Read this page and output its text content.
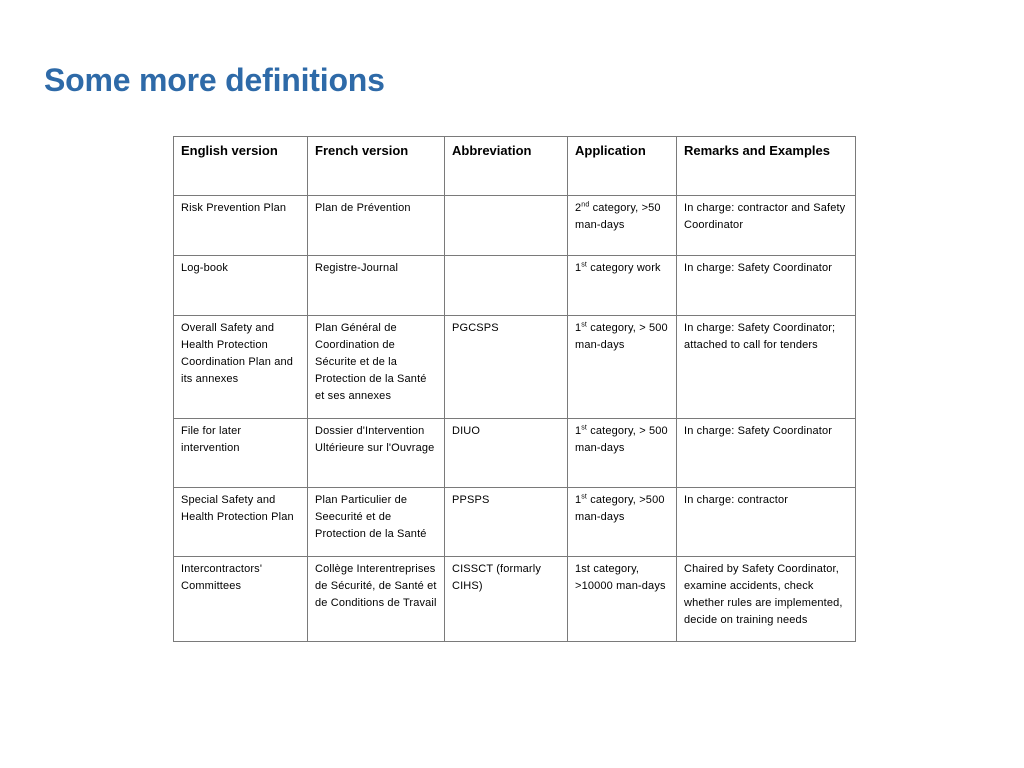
Some more definitions
English version	French version	Abbreviation	Application	Remarks and Examples
Risk Prevention Plan	Plan de Prévention		2nd category, >50 man-days	In charge: contractor and Safety Coordinator
Log-book	Registre-Journal		1st category work	In charge: Safety Coordinator
Overall Safety and Health Protection Coordination Plan and its annexes	Plan Général de Coordination de Sécurite et de la Protection de la Santé et ses annexes	PGCSPS	1st category, > 500 man-days	In charge: Safety Coordinator; attached to call for tenders
File for later intervention	Dossier d'Intervention Ultérieure sur l'Ouvrage	DIUO	1st category, > 500 man-days	In charge: Safety Coordinator
Special Safety and Health Protection Plan	Plan Particulier de Seecurité et de Protection de la Santé	PPSPS	1st category, >500 man-days	In charge: contractor
Intercontractors' Committees	Collège Interentreprises de Sécurité, de Santé et de Conditions de Travail	CISSCT (formarly CIHS)	1st category, >10000 man-days	Chaired by Safety Coordinator, examine accidents, check whether rules are implemented, decide on training needs
